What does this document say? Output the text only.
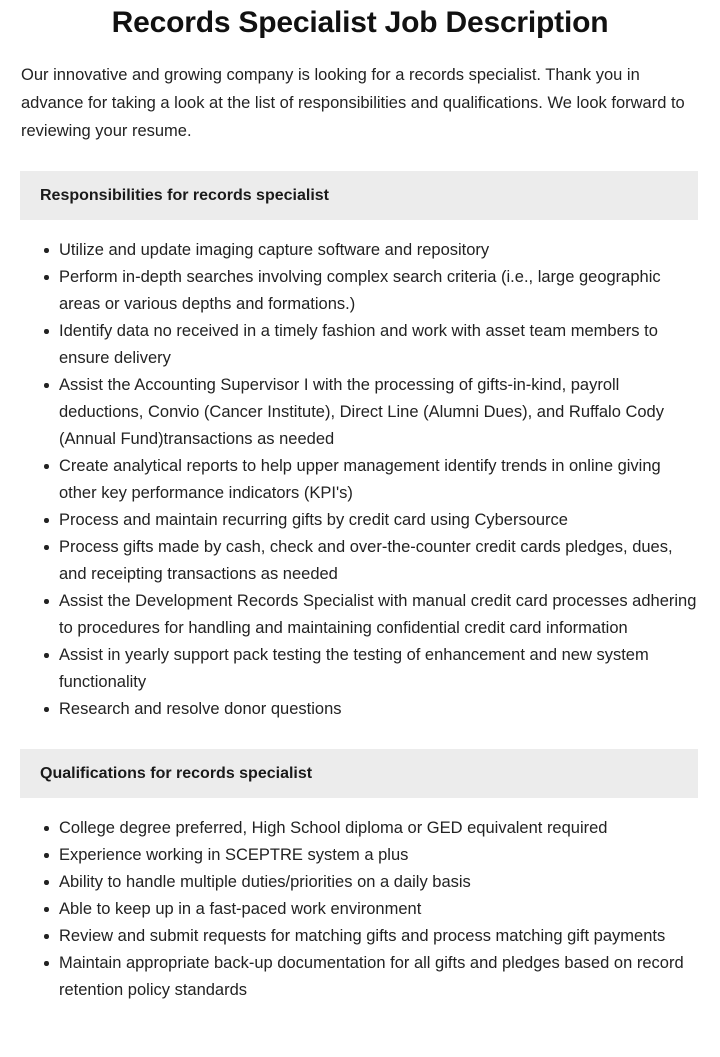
Records Specialist Job Description

Our innovative and growing company is looking for a records specialist. Thank you in advance for taking a look at the list of responsibilities and qualifications. We look forward to reviewing your resume.

Responsibilities for records specialist
Utilize and update imaging capture software and repository
Perform in-depth searches involving complex search criteria (i.e., large geographic areas or various depths and formations.)
Identify data no received in a timely fashion and work with asset team members to ensure delivery
Assist the Accounting Supervisor I with the processing of gifts-in-kind, payroll deductions, Convio (Cancer Institute), Direct Line (Alumni Dues), and Ruffalo Cody (Annual Fund)transactions as needed
Create analytical reports to help upper management identify trends in online giving other key performance indicators (KPI's)
Process and maintain recurring gifts by credit card using Cybersource
Process gifts made by cash, check and over-the-counter credit cards pledges, dues, and receipting transactions as needed
Assist the Development Records Specialist with manual credit card processes adhering to procedures for handling and maintaining confidential credit card information
Assist in yearly support pack testing the testing of enhancement and new system functionality
Research and resolve donor questions
Qualifications for records specialist
College degree preferred, High School diploma or GED equivalent required
Experience working in SCEPTRE system a plus
Ability to handle multiple duties/priorities on a daily basis
Able to keep up in a fast-paced work environment
Review and submit requests for matching gifts and process matching gift payments
Maintain appropriate back-up documentation for all gifts and pledges based on record retention policy standards
